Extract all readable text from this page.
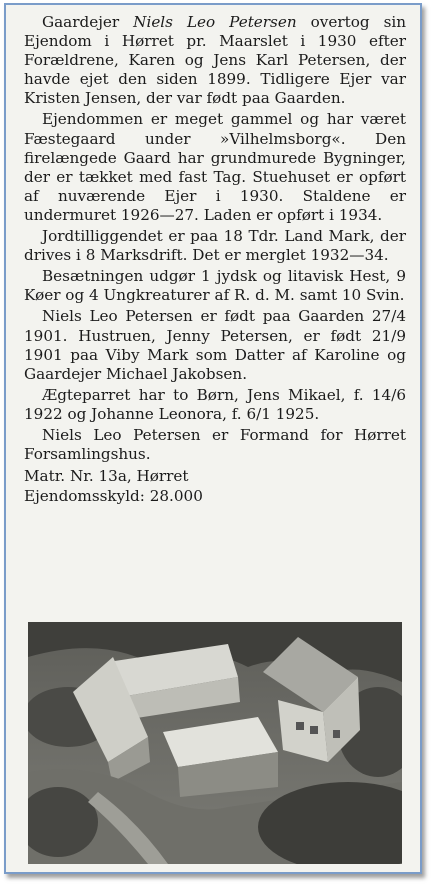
Gaardejer Niels Leo Petersen overtog sin Ejendom i Hørret pr. Maarslet i 1930 efter Forældrene, Karen og Jens Karl Petersen, der havde ejet den siden 1899. Tidligere Ejer var Kristen Jensen, der var født paa Gaarden.

Ejendommen er meget gammel og har været Fæstegaard under »Vilhelmsborg«. Den firelængede Gaard har grundmurede Bygninger, der er tækket med fast Tag. Stuehuset er opført af nuværende Ejer i 1930. Staldene er undermuret 1926—27. Laden er opført i 1934.

Jordtilliggendet er paa 18 Tdr. Land Mark, der drives i 8 Marksdrift. Det er merglet 1932—34.

Besætningen udgør 1 jydsk og litavisk Hest, 9 Køer og 4 Ungkreaturer af R. d. M. samt 10 Svin.

Niels Leo Petersen er født paa Gaarden 27/4 1901. Hustruen, Jenny Petersen, er født 21/9 1901 paa Viby Mark som Datter af Karoline og Gaardejer Michael Jakobsen.

Ægteparret har to Børn, Jens Mikael, f. 14/6 1922 og Johanne Leonora, f. 6/1 1925.

Niels Leo Petersen er Formand for Hørret Forsamlingshus.

Matr. Nr. 13a, Hørret
Ejendomsskyld: 28.000
